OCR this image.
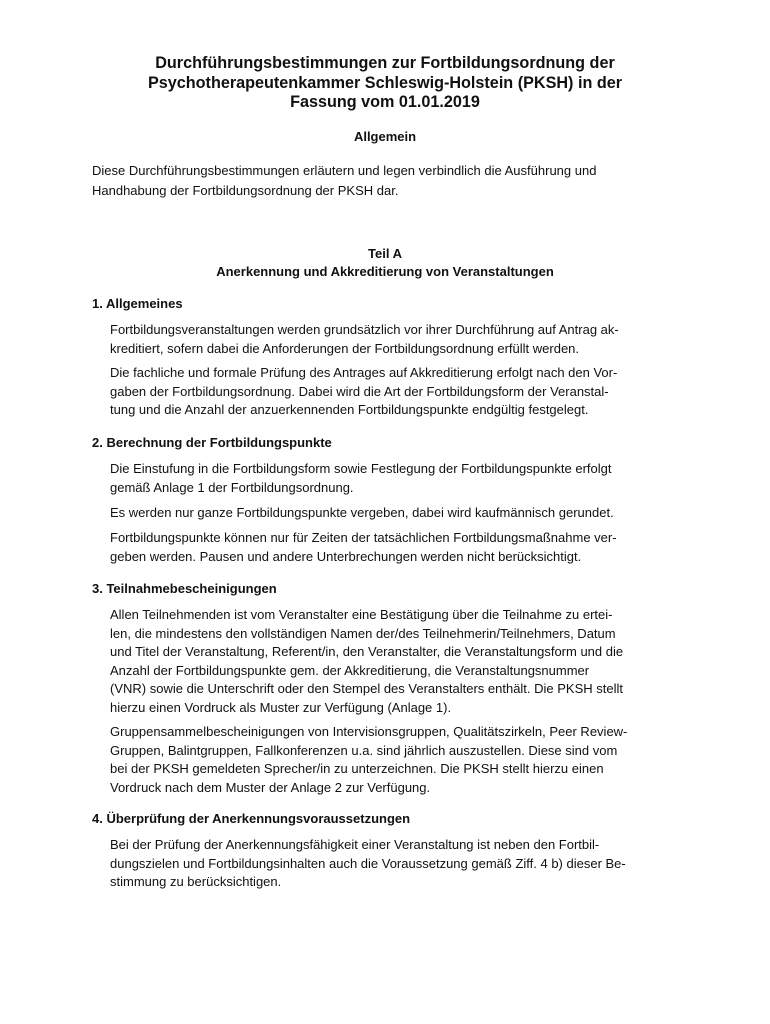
Durchführungsbestimmungen zur Fortbildungsordnung der
Psychotherapeutenkammer Schleswig-Holstein (PKSH) in der
Fassung vom 01.01.2019
Allgemein

Diese Durchführungsbestimmungen erläutern und legen verbindlich die Ausführung und
Handhabung der Fortbildungsordnung der PKSH dar.

Teil A
Anerkennung und Akkreditierung von Veranstaltungen
1. Allgemeines

Fortbildungsveranstaltungen werden grundsätzlich vor ihrer Durchführung auf Antrag ak-
kreditiert, sofern dabei die Anforderungen der Fortbildungsordnung erfüllt werden.

Die fachliche und formale Prüfung des Antrages auf Akkreditierung erfolgt nach den Vor-
gaben der Fortbildungsordnung. Dabei wird die Art der Fortbildungsform der Veranstal-
tung und die Anzahl der anzuerkennenden Fortbildungspunkte endgültig festgelegt.

2. Berechnung der Fortbildungspunkte

Die Einstufung in die Fortbildungsform sowie Festlegung der Fortbildungspunkte erfolgt
gemäß Anlage 1 der Fortbildungsordnung.

Es werden nur ganze Fortbildungspunkte vergeben, dabei wird kaufmännisch gerundet.

Fortbildungspunkte können nur für Zeiten der tatsächlichen Fortbildungsmaßnahme ver-
geben werden. Pausen und andere Unterbrechungen werden nicht berücksichtigt.

3. Teilnahmebescheinigungen

Allen Teilnehmenden ist vom Veranstalter eine Bestätigung über die Teilnahme zu ertei-
len, die mindestens den vollständigen Namen der/des Teilnehmerin/Teilnehmers, Datum
und Titel der Veranstaltung, Referent/in, den Veranstalter, die Veranstaltungsform und die
Anzahl der Fortbildungspunkte gem. der Akkreditierung, die Veranstaltungsnummer
(VNR) sowie die Unterschrift oder den Stempel des Veranstalters enthält. Die PKSH stellt
hierzu einen Vordruck als Muster zur Verfügung (Anlage 1).

Gruppensammelbescheinigungen von Intervisionsgruppen, Qualitätszirkeln, Peer Review-
Gruppen, Balintgruppen, Fallkonferenzen u.a. sind jährlich auszustellen. Diese sind vom
bei der PKSH gemeldeten Sprecher/in zu unterzeichnen. Die PKSH stellt hierzu einen
Vordruck nach dem Muster der Anlage 2 zur Verfügung.

4. Überprüfung der Anerkennungsvoraussetzungen

Bei der Prüfung der Anerkennungsfähigkeit einer Veranstaltung ist neben den Fortbil-
dungszielen und Fortbildungsinhalten auch die Voraussetzung gemäß Ziff. 4 b) dieser Be-
stimmung zu berücksichtigen.
